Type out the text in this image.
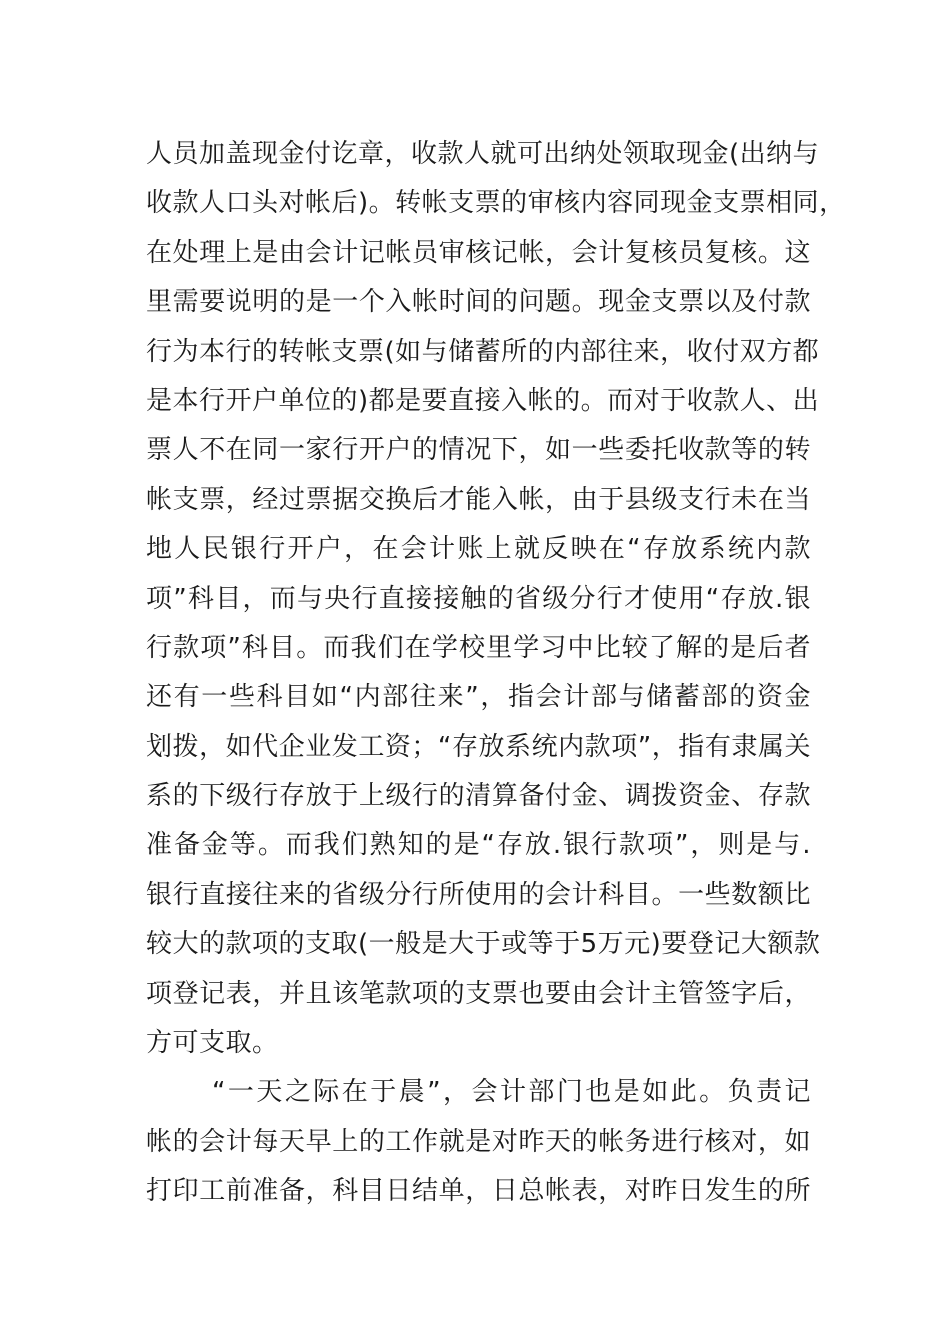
人员加盖现金付讫章，收款人就可出纳处领取现金(出纳与
收款人口头对帐后)。转帐支票的审核内容同现金支票相同，
在处理上是由会计记帐员审核记帐，会计复核员复核。这
里需要说明的是一个入帐时间的问题。现金支票以及付款
行为本行的转帐支票(如与储蓄所的内部往来，收付双方都
是本行开户单位的)都是要直接入帐的。而对于收款人、出
票人不在同一家行开户的情况下，如一些委托收款等的转
帐支票，经过票据交换后才能入帐，由于县级支行未在当
地人民银行开户，在会计账上就反映在“存放系统内款
项”科目，而与央行直接接触的省级分行才使用“存放.银
行款项”科目。而我们在学校里学习中比较了解的是后者
还有一些科目如“内部往来”，指会计部与储蓄部的资金
划拨，如代企业发工资；“存放系统内款项”，指有隶属关
系的下级行存放于上级行的清算备付金、调拨资金、存款
准备金等。而我们熟知的是“存放.银行款项”，则是与.
银行直接往来的省级分行所使用的会计科目。一些数额比
较大的款项的支取(一般是大于或等于5万元)要登记大额款
项登记表，并且该笔款项的支票也要由会计主管签字后，
方可支取。
“一天之际在于晨”，会计部门也是如此。负责记
帐的会计每天早上的工作就是对昨天的帐务进行核对，如
打印工前准备，科目日结单，日总帐表，对昨日发生的所
